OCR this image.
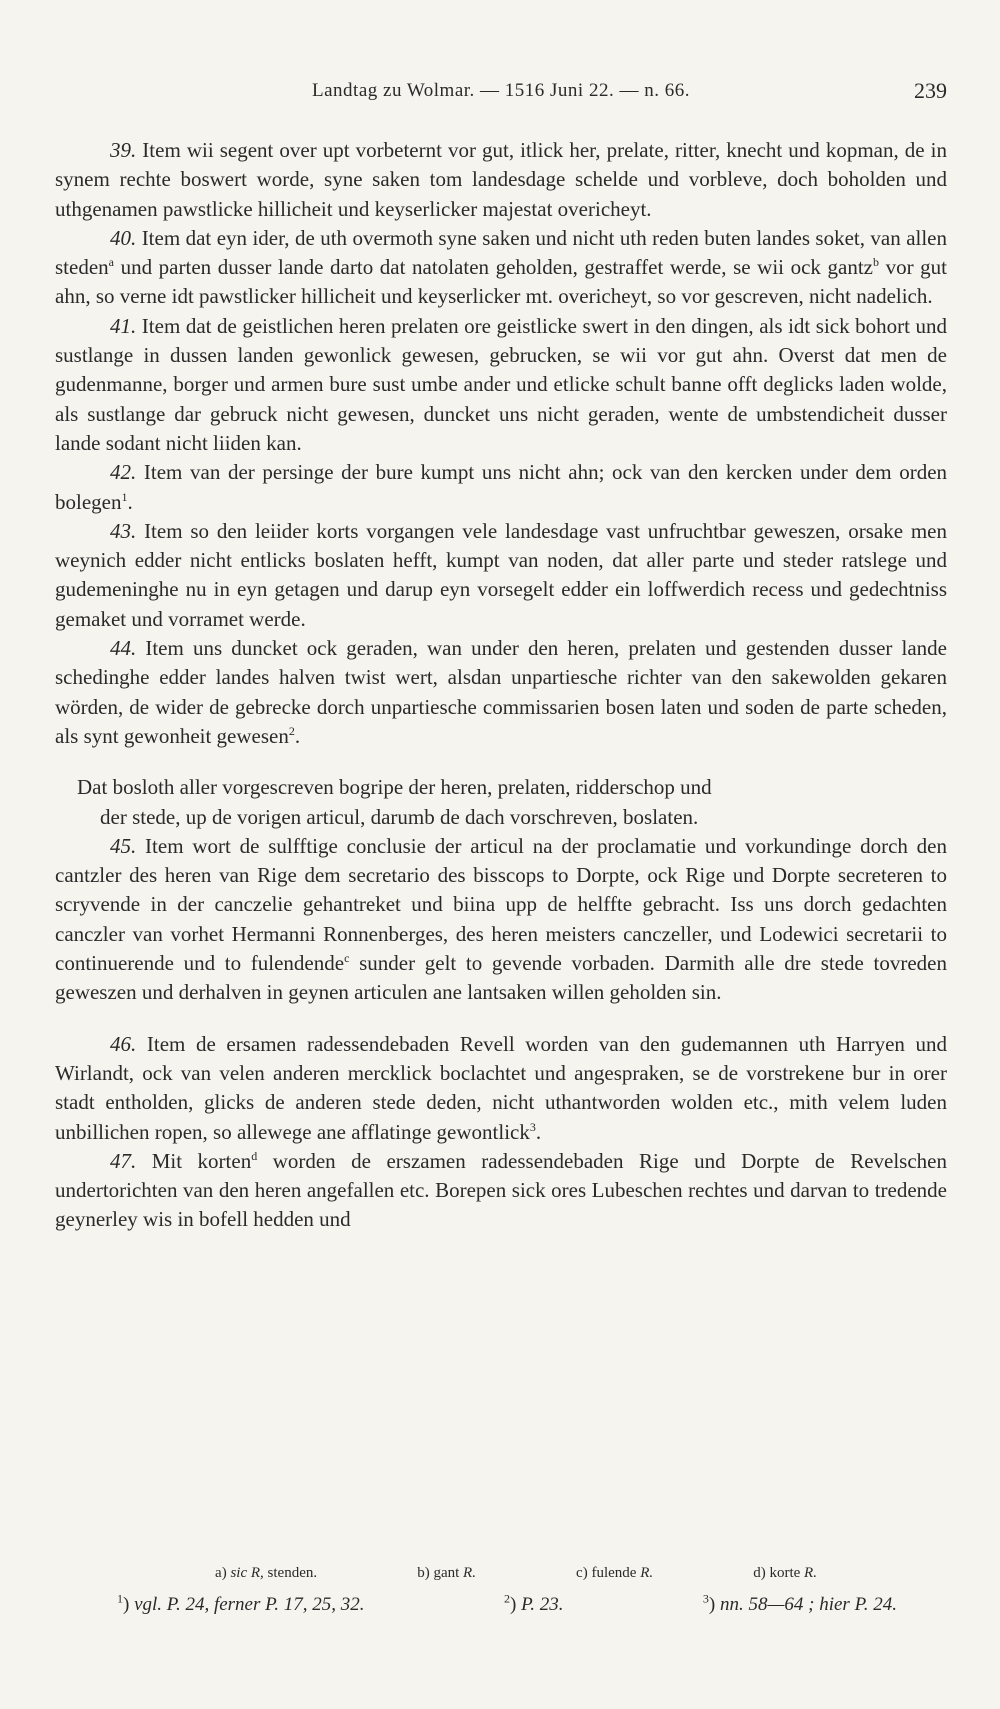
Landtag zu Wolmar. — 1516 Juni 22. — n. 66.	239

39. Item wii segent over upt vorbeternt vor gut, itlick her, prelate, ritter, knecht und kopman, de in synem rechte boswert worde, syne saken tom landesdage schelde und vorbleve, doch boholden und uthgenamen pawstlicke hillicheit und keyserlicker majestat overicheyt.

40. Item dat eyn ider, de uth overmoth syne saken und nicht uth reden buten landes soket, van allen steden$^a$ und parten dusser lande darto dat natolaten geholden, gestraffet werde, se wii ock gantz$^b$ vor gut ahn, so verne idt pawstlicker hillicheit und keyserlicker mt. overicheyt, so vor gescreven, nicht nadelich.

41. Item dat de geistlichen heren prelaten ore geistlicke swert in den dingen, als idt sick bohort und sustlange in dussen landen gewonlick gewesen, gebrucken, se wii vor gut ahn. Overst dat men de gudenmanne, borger und armen bure sust umbe ander und etlicke schult banne offt deglicks laden wolde, als sustlange dar gebruck nicht gewesen, duncket uns nicht geraden, wente de umbstendicheit dusser lande sodant nicht liiden kan.

42. Item van der persinge der bure kumpt uns nicht ahn; ock van den kercken under dem orden bolegen$^1$.

43. Item so den leiider korts vorgangen vele landesdage vast unfruchtbar geweszen, orsake men weynich edder nicht entlicks boslaten hefft, kumpt van noden, dat aller parte und steder ratslege und gudemeninghe nu in eyn getagen und darup eyn vorsegelt edder ein loffwerdich recess und gedechtniss gemaket und vorramet werde.

44. Item uns duncket ock geraden, wan under den heren, prelaten und gestenden dusser lande schedinghe edder landes halven twist wert, alsdan unpartiesche richter van den sakewolden gekaren wörden, de wider de gebrecke dorch unpartiesche commissarien bosen laten und soden de parte scheden, als synt gewonheit gewesen$^2$.

Dat bosloth aller vorgescreven bogripe der heren, prelaten, ridderschop und
der stede, up de vorigen articul, darumb de dach vorschreven, boslaten.

45. Item wort de sulfftige conclusie der articul na der proclamatie und vorkundinge dorch den cantzler des heren van Rige dem secretario des bisscops to Dorpte, ock Rige und Dorpte secreteren to scryvende in der canczelie gehantreket und biina upp de helffte gebracht. Iss uns dorch gedachten canczler van vorhet Hermanni Ronnenberges, des heren meisters canczeller, und Lodewici secretarii to continuerende und to fulendende$^c$ sunder gelt to gevende vorbaden. Darmith alle dre stede tovreden geweszen und derhalven in geynen articulen ane lantsaken willen geholden sin.

46. Item de ersamen radessendebaden Revell worden van den gudemannen uth Harryen und Wirlandt, ock van velen anderen mercklick boclachtet und angespraken, se de vorstrekene bur in orer stadt entholden, glicks de anderen stede deden, nicht uthantworden wolden etc., mith velem luden unbillichen ropen, so allewege ane afflatinge gewontlick$^3$.

47. Mit korten$^d$ worden de erszamen radessendebaden Rige und Dorpte de Revelschen undertorichten van den heren angefallen etc. Borepen sick ores Lubeschen rechtes und darvan to tredende geynerley wis in bofell hedden und

a) sic R, stenden.	b) gant R.	c) fulende R.	d) korte R.
$^1$) vgl. P. 24, ferner P. 17, 25, 32.	$^2$) P. 23.	$^3$) nn. 58—64 ; hier P. 24.
